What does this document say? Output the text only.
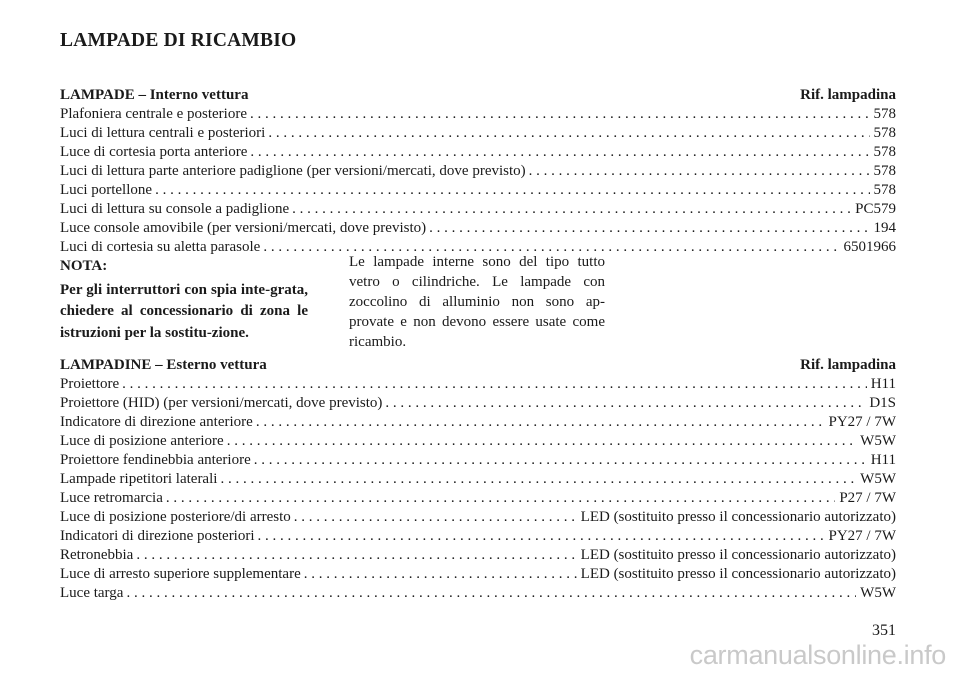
LAMPADE DI RICAMBIO
LAMPADE – Interno vettura	Rif. lampadina
Plafoniera centrale e posteriore . . .	578
Luci di lettura centrali e posteriori . . .	578
Luce di cortesia porta anteriore . . .	578
Luci di lettura parte anteriore padiglione (per versioni/mercati, dove previsto) . . .	578
Luci portellone . . .	578
Luci di lettura su console a padiglione . . .	PC579
Luce console amovibile (per versioni/mercati, dove previsto) . . .	194
Luci di cortesia su aletta parasole . . .	6501966
NOTA:
Per gli interruttori con spia inte-grata, chiedere al concessionario di zona le istruzioni per la sostitu-zione.
Le lampade interne sono del tipo tutto vetro o cilindriche. Le lampade con zoccolino di alluminio non sono ap-provate e non devono essere usate come ricambio.
LAMPADINE – Esterno vettura	Rif. lampadina
Proiettore . . .	H11
Proiettore (HID) (per versioni/mercati, dove previsto) . . .	D1S
Indicatore di direzione anteriore . . .	PY27 / 7W
Luce di posizione anteriore . . .	W5W
Proiettore fendinebbia anteriore . . .	H11
Lampade ripetitori laterali . . .	W5W
Luce retromarcia . . .	P27 / 7W
Luce di posizione posteriore/di arresto . . .	LED (sostituito presso il concessionario autorizzato)
Indicatori di direzione posteriori . . .	PY27 / 7W
Retronebbia . . .	LED (sostituito presso il concessionario autorizzato)
Luce di arresto superiore supplementare . . .	LED (sostituito presso il concessionario autorizzato)
Luce targa . . .	W5W
351
carmanualsonline.info
